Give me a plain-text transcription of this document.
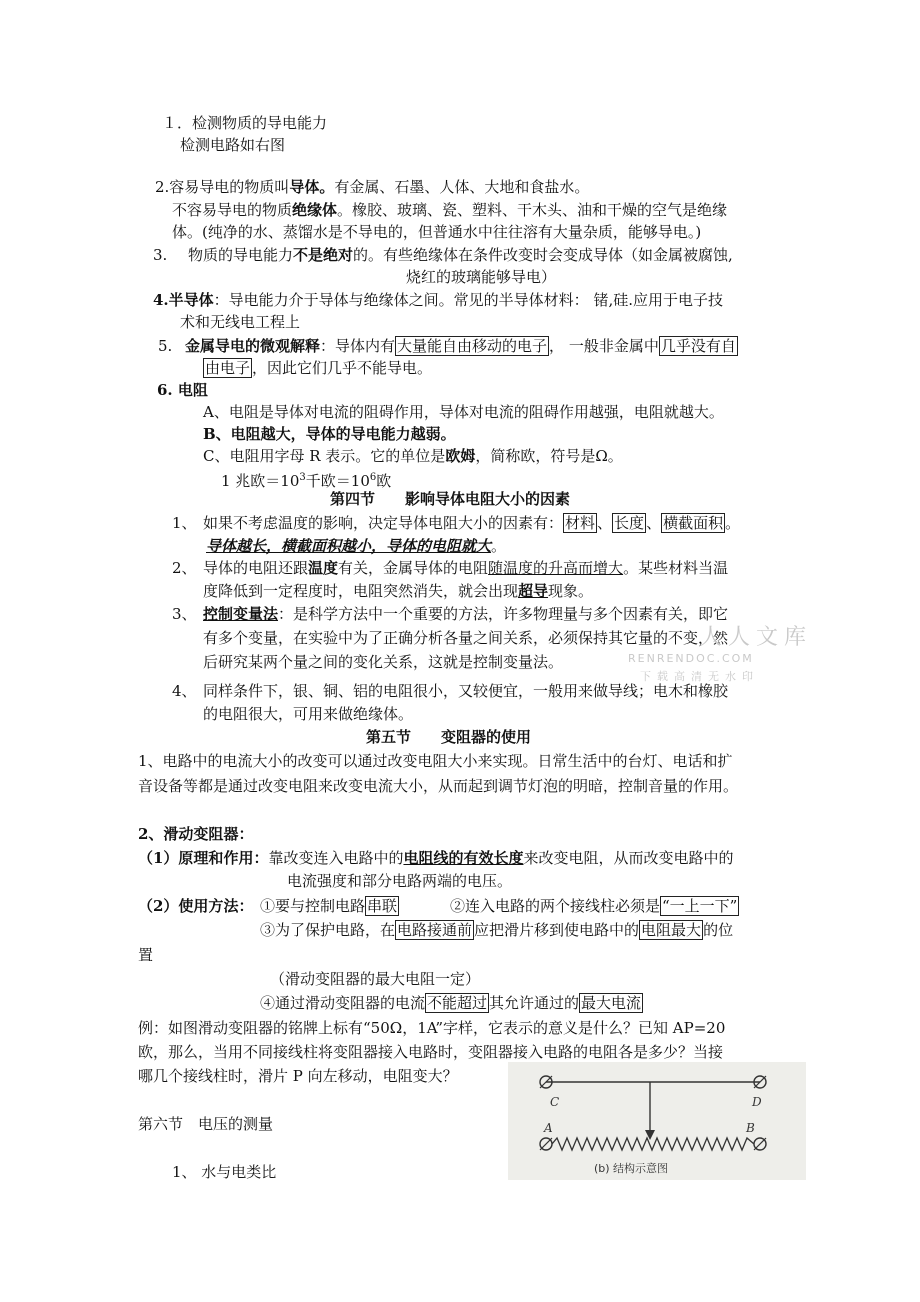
１．检测物质的导电能力
检测电路如右图
2.容易导电的物质叫导体。有金属、石墨、人体、大地和食盐水。
不容易导电的物质绝缘体。橡胶、玻璃、瓷、塑料、干木头、油和干燥的空气是绝缘
体。(纯净的水、蒸馏水是不导电的，但普通水中往往溶有大量杂质，能够导电。)
3. 物质的导电能力不是绝对的。有些绝缘体在条件改变时会变成导体（如金属被腐蚀,
烧红的玻璃能够导电）
4.半导体：导电能力介于导体与绝缘体之间。常见的半导体材料： 锗,硅.应用于电子技
术和无线电工程上
5. 金属导电的微观解释：导体内有 大量能自由移动的电子 ， 一般非金属中 几乎没有自
由电子 ，因此它们几乎不能导电。
6. 电阻
A、电阻是导体对电流的阻碍作用，导体对电流的阻碍作用越强，电阻就越大。
B、电阻越大，导体的导电能力越弱。
C、电阻用字母 R 表示。它的单位是欧姆，简称欧，符号是Ω。
1 兆欧$=10^3$千欧$=10^6$欧
第四节　　影响导体电阻大小的因素
1、 如果不考虑温度的影响，决定导体电阻大小的因素有： 材料 、 长度 、 横截面积 。
导体越长，横截面积越小，导体的电阻就大。
2、 导体的电阻还跟温度有关，金属导体的电阻随温度的升高而增大。某些材料当温
度降低到一定程度时，电阻突然消失，就会出现超导现象。
3、 控制变量法：是科学方法中一个重要的方法，许多物理量与多个因素有关，即它
有多个变量，在实验中为了正确分析各量之间关系，必须保持其它量的不变，然
后研究某两个量之间的变化关系，这就是控制变量法。
4、 同样条件下，银、铜、铝的电阻很小，又较便宜，一般用来做导线；电木和橡胶
的电阻很大，可用来做绝缘体。
人人文库
RENRENDOC.COM
下载高清无水印
第五节　　变阻器的使用
1、电路中的电流大小的改变可以通过改变电阻大小来实现。日常生活中的台灯、电话和扩
音设备等都是通过改变电阻来改变电流大小，从而起到调节灯泡的明暗，控制音量的作用。
2、滑动变阻器：
（1）原理和作用：靠改变连入电路中的电阻线的有效长度来改变电阻，从而改变电路中的
电流强度和部分电路两端的电压。
（2）使用方法： ①要与控制电路 串联	②连入电路的两个接线柱必须是 “一上一下”
③为了保护电路，在 电路接通前 应把滑片移到使电路中的 电阻最大 的位
置
（滑动变阻器的最大电阻一定）
④通过滑动变阻器的电流 不能超过 其允许通过的 最大电流
例：如图滑动变阻器的铭牌上标有“50Ω，1A”字样，它表示的意义是什么？已知 AP=20
欧，那么，当用不同接线柱将变阻器接入电路时，变阻器接入电路的电阻各是多少？当接
哪几个接线柱时，滑片 P 向左移动，电阻变大？
第六节　电压的测量
1、 水与电类比
C	D
A	B
(b) 结构示意图
